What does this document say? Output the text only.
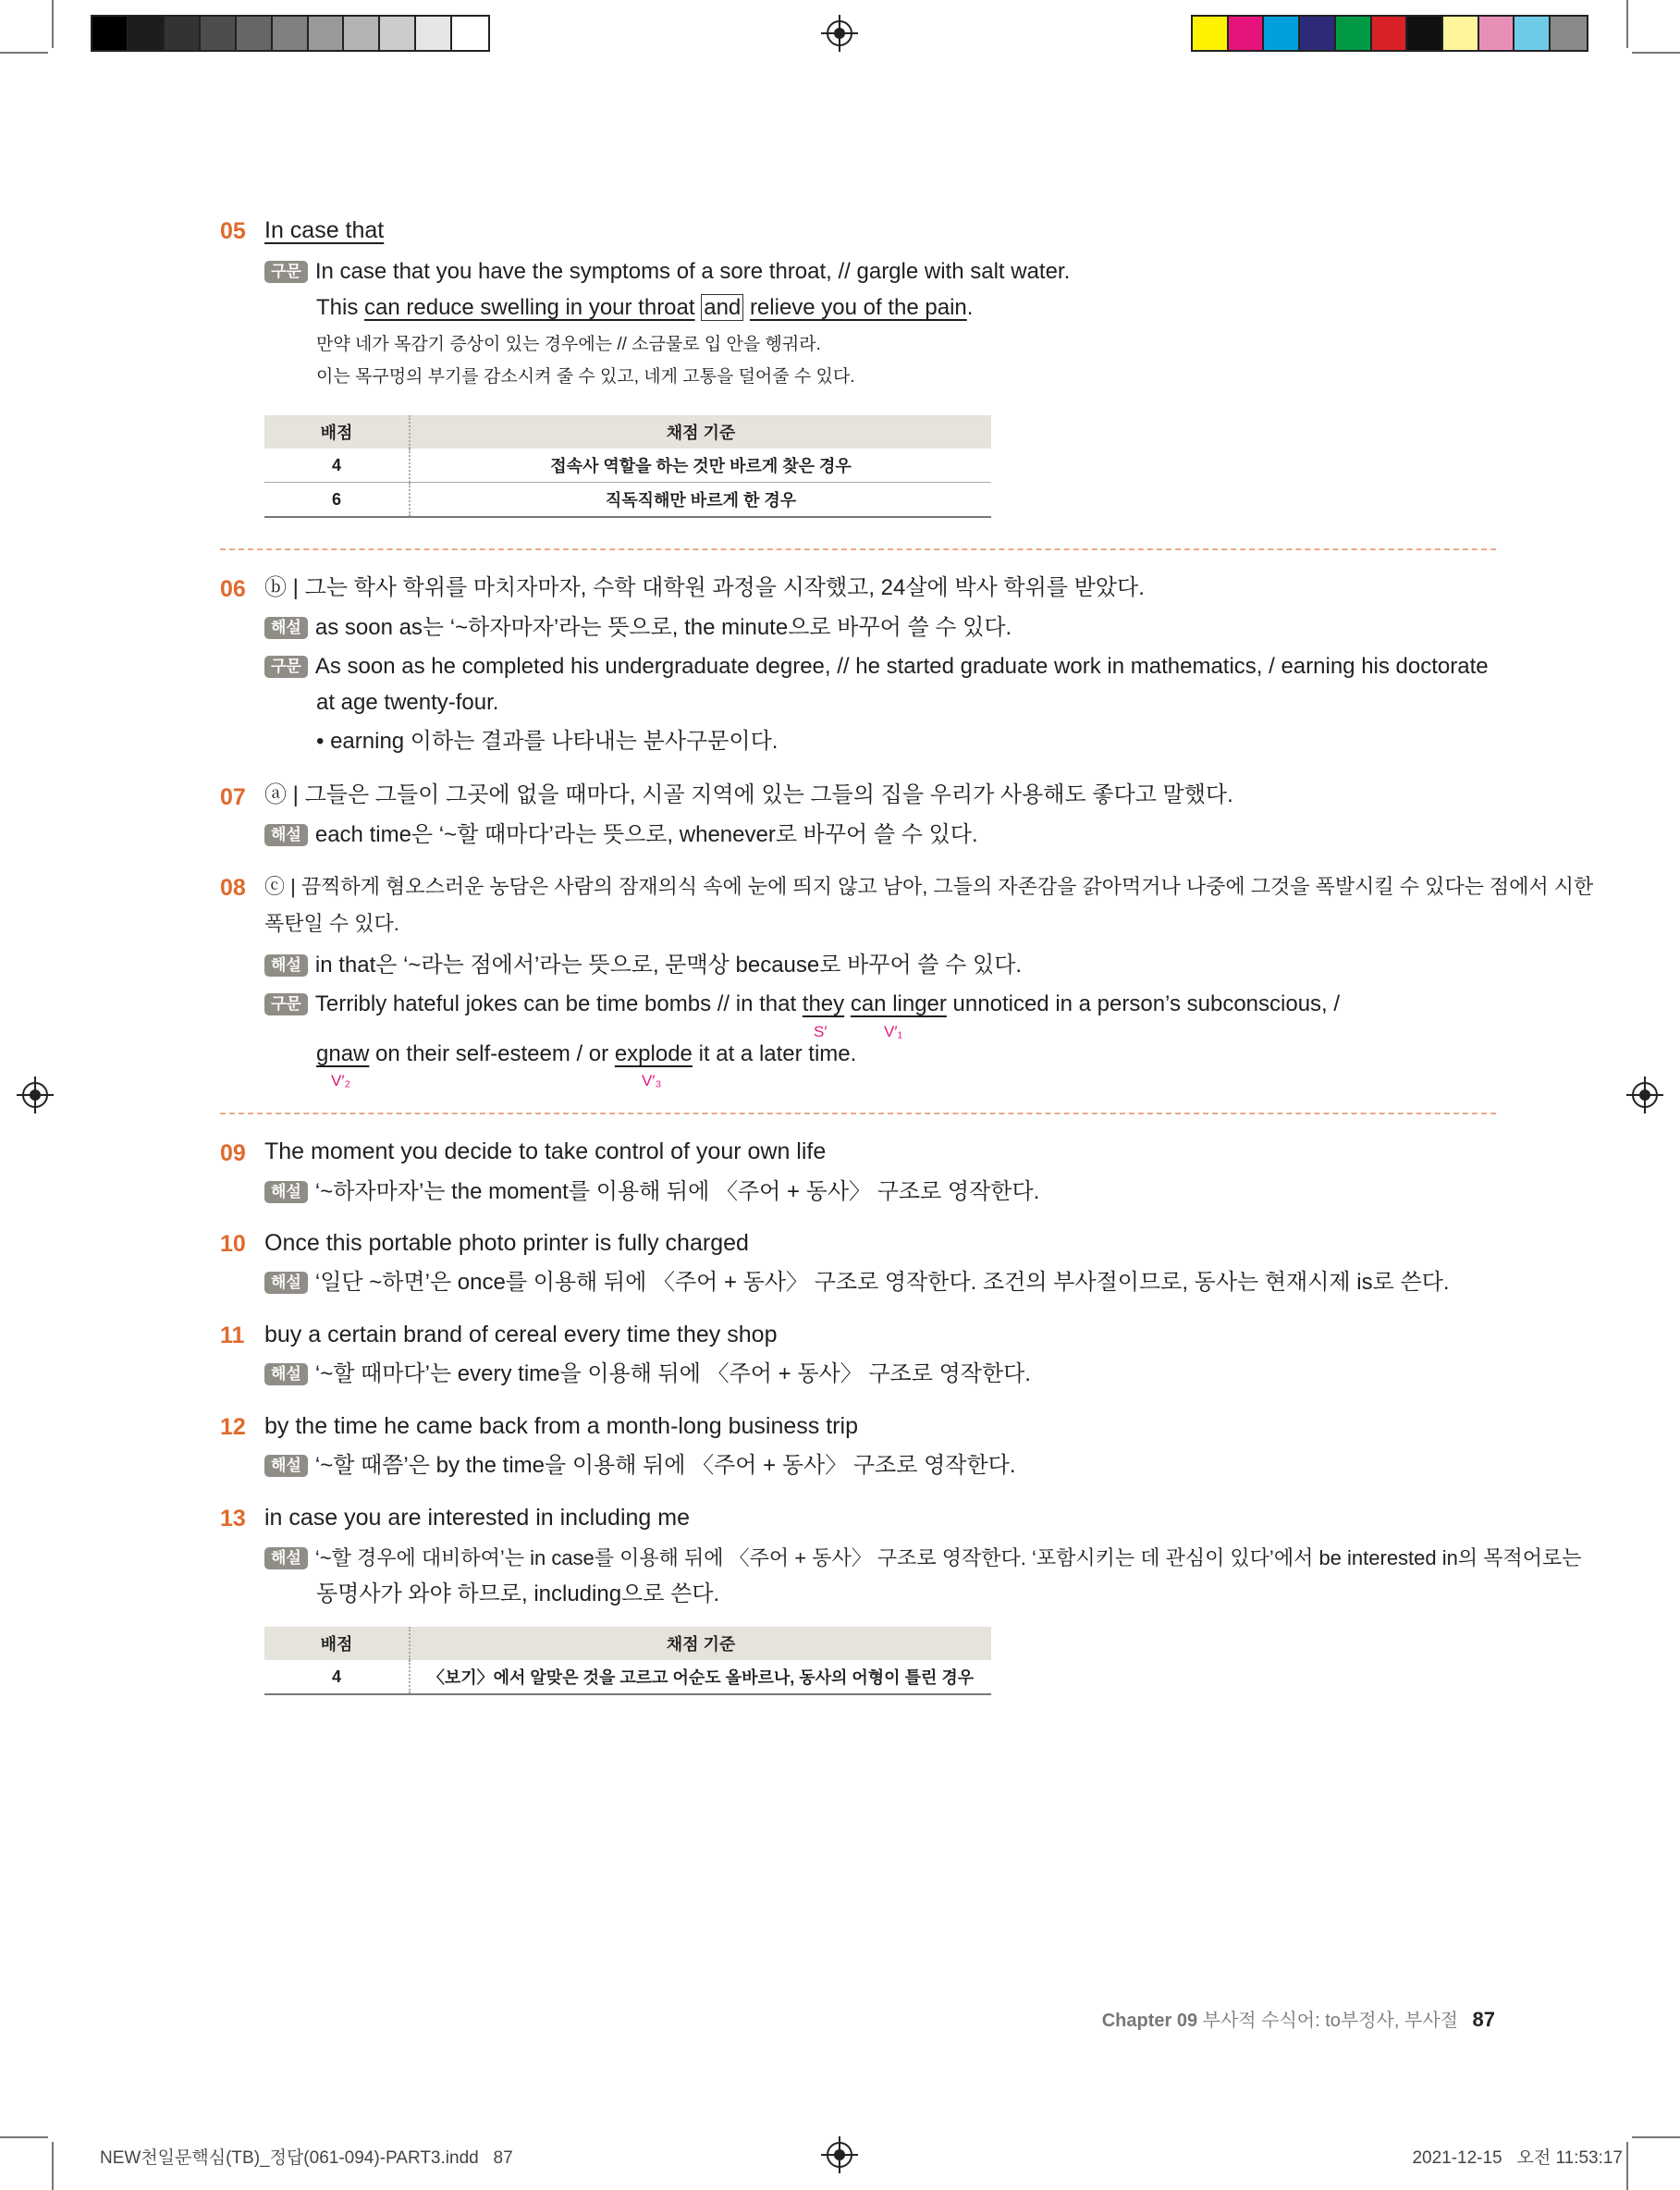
05 In case that
구문 In case that you have the symptoms of a sore throat, // gargle with salt water.
This can reduce swelling in your throat and relieve you of the pain.
만약 네가 목감기 증상이 있는 경우에는 // 소금물로 입 안을 헹궈라.
이는 목구멍의 부기를 감소시켜 줄 수 있고, 네게 고통을 덜어줄 수 있다.
배점	채점 기준
4	접속사 역할을 하는 것만 바르게 찾은 경우
6	직독직해만 바르게 한 경우
06 ⓑ | 그는 학사 학위를 마치자마자, 수학 대학원 과정을 시작했고, 24살에 박사 학위를 받았다.
해설 as soon as는 ‘~하자마자’라는 뜻으로, the minute으로 바꾸어 쓸 수 있다.
구문 As soon as he completed his undergraduate degree, // he started graduate work in mathematics, / earning his doctorate
at age twenty-four.
• earning 이하는 결과를 나타내는 분사구문이다.
07 ⓐ | 그들은 그들이 그곳에 없을 때마다, 시골 지역에 있는 그들의 집을 우리가 사용해도 좋다고 말했다.
해설 each time은 ‘~할 때마다’라는 뜻으로, whenever로 바꾸어 쓸 수 있다.
08 ⓒ | 끔찍하게 혐오스러운 농담은 사람의 잠재의식 속에 눈에 띄지 않고 남아, 그들의 자존감을 갉아먹거나 나중에 그것을 폭발시킬 수 있다는 점에서 시한
폭탄일 수 있다.
해설 in that은 ‘~라는 점에서’라는 뜻으로, 문맥상 because로 바꾸어 쓸 수 있다.
구문 Terribly hateful jokes can be time bombs // in that they can linger unnoticed in a person’s subconscious, /
S′	V′₁
gnaw on their self-esteem / or explode it at a later time.
V′₂	V′₃
09 The moment you decide to take control of your own life
해설 ‘~하자마자’는 the moment를 이용해 뒤에 〈주어 + 동사〉 구조로 영작한다.
10 Once this portable photo printer is fully charged
해설 ‘일단 ~하면’은 once를 이용해 뒤에 〈주어 + 동사〉 구조로 영작한다. 조건의 부사절이므로, 동사는 현재시제 is로 쓴다.
11 buy a certain brand of cereal every time they shop
해설 ‘~할 때마다’는 every time을 이용해 뒤에 〈주어 + 동사〉 구조로 영작한다.
12 by the time he came back from a month-long business trip
해설 ‘~할 때쯤’은 by the time을 이용해 뒤에 〈주어 + 동사〉 구조로 영작한다.
13 in case you are interested in including me
해설 ‘~할 경우에 대비하여’는 in case를 이용해 뒤에 〈주어 + 동사〉 구조로 영작한다. ‘포함시키는 데 관심이 있다’에서 be interested in의 목적어로는
동명사가 와야 하므로, including으로 쓴다.
배점	채점 기준
4	〈보기〉에서 알맞은 것을 고르고 어순도 올바르나, 동사의 어형이 틀린 경우
Chapter 09 부사적 수식어: to부정사, 부사절 87
NEW천일문핵심(TB)_정답(061-094)-PART3.indd   87	2021-12-15   오전 11:53:17
